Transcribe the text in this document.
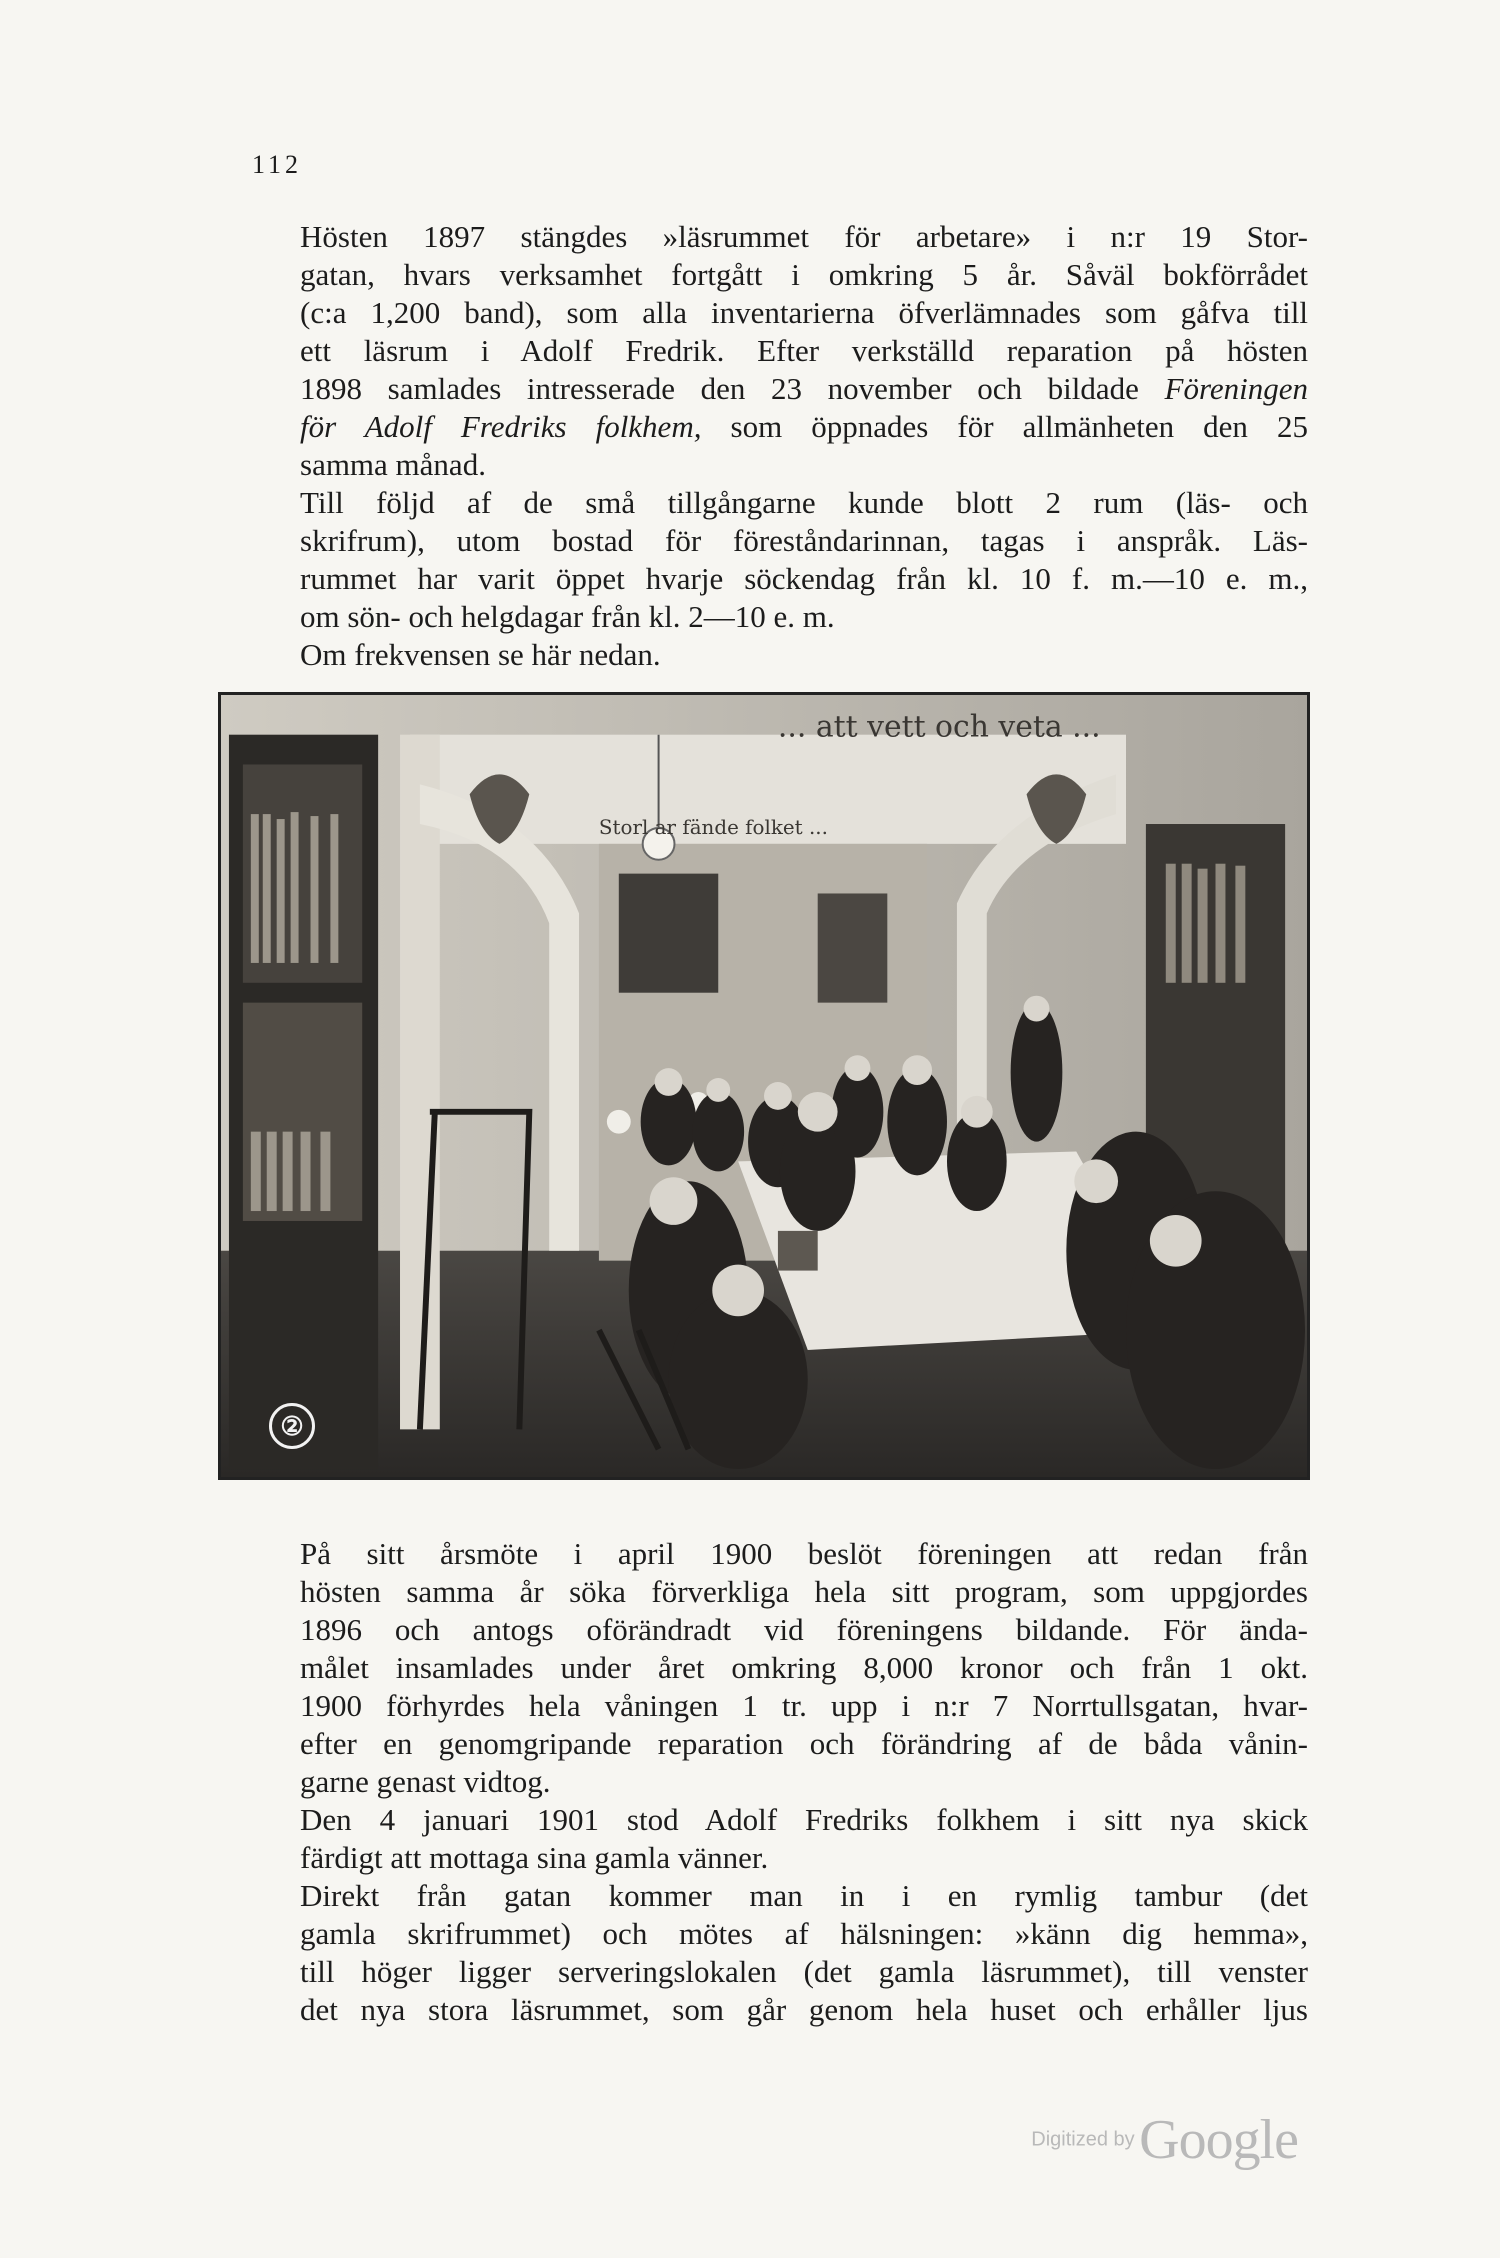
112

Hösten 1897 stängdes »läsrummet för arbetare» i n:r 19 Stor-
gatan, hvars verksamhet fortgått i omkring 5 år. Såväl bokförrådet
(c:a 1,200 band), som alla inventarierna öfverlämnades som gåfva till
ett läsrum i Adolf Fredrik. Efter verkställd reparation på hösten
1898 samlades intresserade den 23 november och bildade Föreningen
för Adolf Fredriks folkhem, som öppnades för allmänheten den 25
samma månad.

Till följd af de små tillgångarne kunde blott 2 rum (läs- och
skrifrum), utom bostad för föreståndarinnan, tagas i anspråk. Läs-
rummet har varit öppet hvarje söckendag från kl. 10 f. m.—10 e. m.,
om sön- och helgdagar från kl. 2—10 e. m.

Om frekvensen se här nedan.

... att vett och veta ...
Storl ar fände folket ...
②

På sitt årsmöte i april 1900 beslöt föreningen att redan från
hösten samma år söka förverkliga hela sitt program, som uppgjordes
1896 och antogs oförändradt vid föreningens bildande. För ända-
målet insamlades under året omkring 8,000 kronor och från 1 okt.
1900 förhyrdes hela våningen 1 tr. upp i n:r 7 Norrtullsgatan, hvar-
efter en genomgripande reparation och förändring af de båda vånin-
garne genast vidtog.

Den 4 januari 1901 stod Adolf Fredriks folkhem i sitt nya skick
färdigt att mottaga sina gamla vänner.

Direkt från gatan kommer man in i en rymlig tambur (det
gamla skrifrummet) och mötes af hälsningen: »känn dig hemma»,
till höger ligger serveringslokalen (det gamla läsrummet), till venster
det nya stora läsrummet, som går genom hela huset och erhåller ljus

Digitized by Google
